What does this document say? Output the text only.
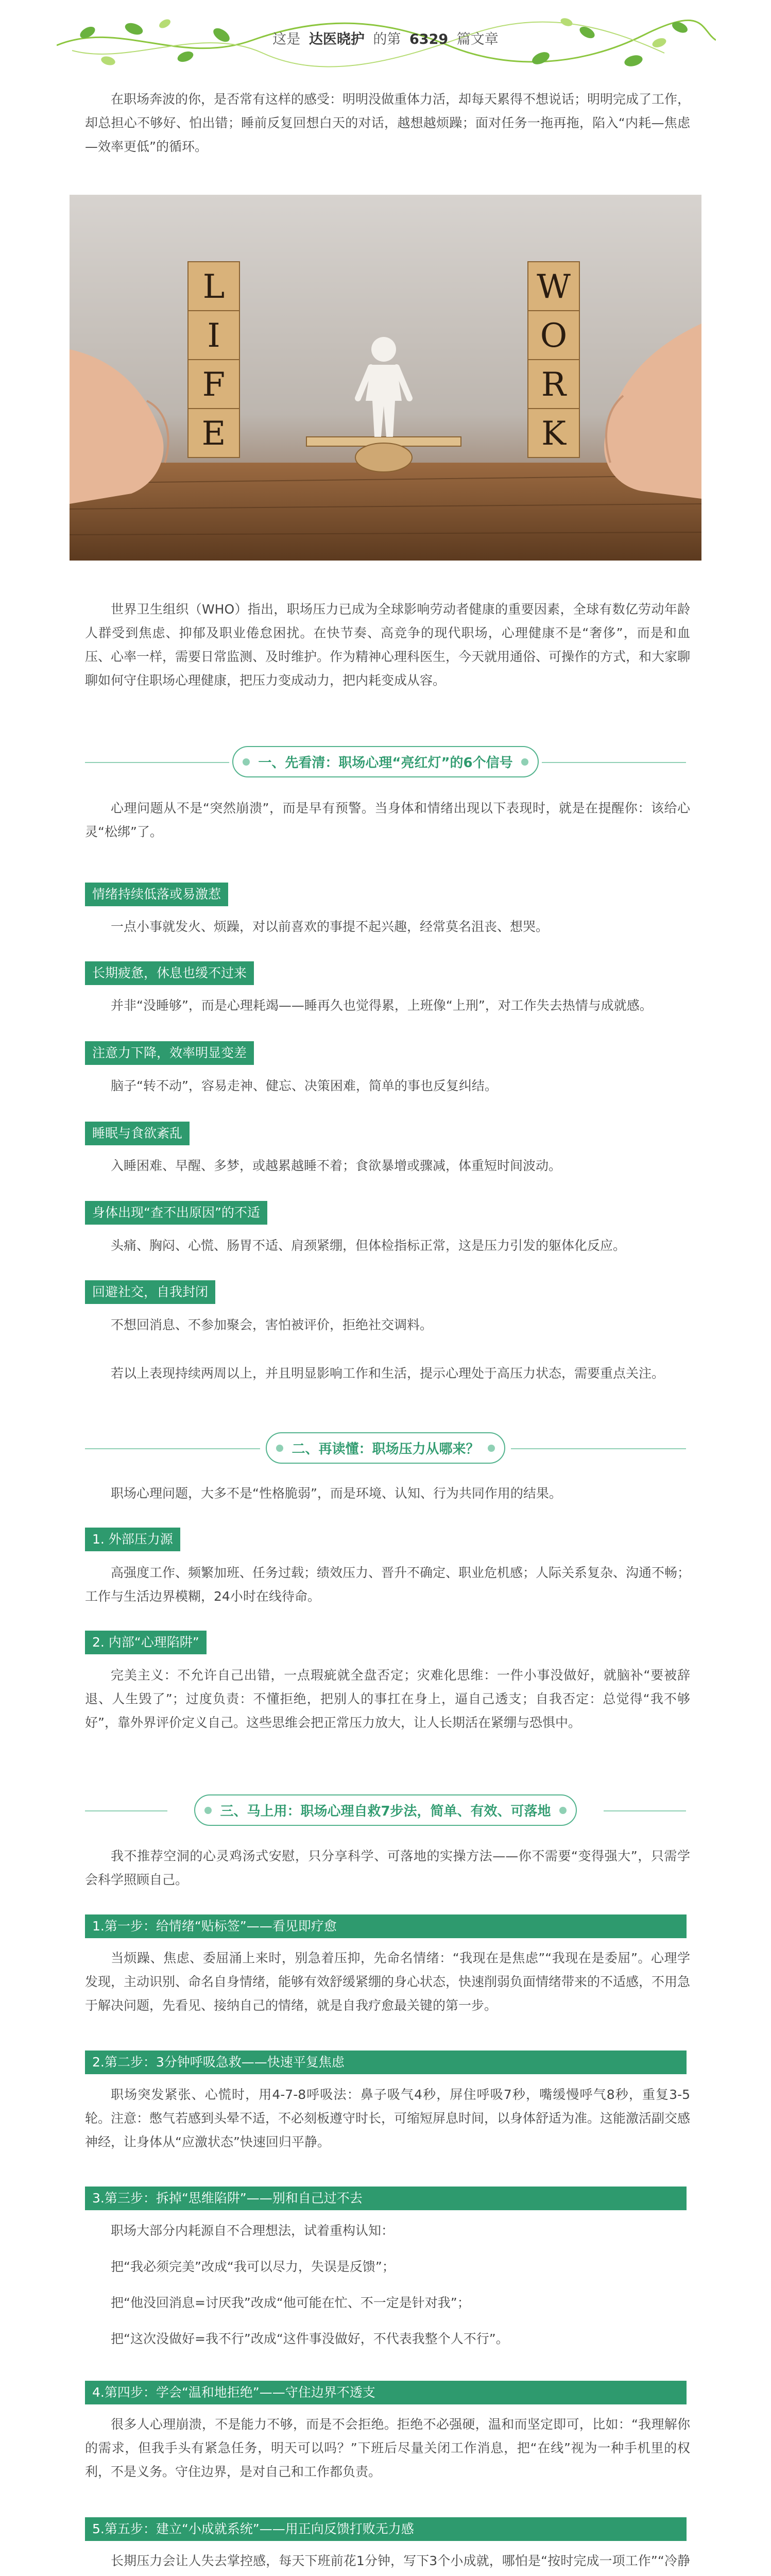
这是 达医晓护 的第 6329 篇文章

在职场奔波的你，是否常有这样的感受：明明没做重体力活，却每天累得不想说话；明明完成了工作，却总担心不够好、怕出错；睡前反复回想白天的对话，越想越烦躁；面对任务一拖再拖，陷入“内耗—焦虑—效率更低”的循环。

L
I
F
E
W
O
R
K

世界卫生组织（WHO）指出，职场压力已成为全球影响劳动者健康的重要因素，全球有数亿劳动年龄人群受到焦虑、抑郁及职业倦怠困扰。在快节奏、高竞争的现代职场，心理健康不是“奢侈”，而是和血压、心率一样，需要日常监测、及时维护。作为精神心理科医生，今天就用通俗、可操作的方式，和大家聊聊如何守住职场心理健康，把压力变成动力，把内耗变成从容。

一、先看清：职场心理“亮红灯”的6个信号

心理问题从不是“突然崩溃”，而是早有预警。当身体和情绪出现以下表现时，就是在提醒你：该给心灵“松绑”了。

情绪持续低落或易激惹

一点小事就发火、烦躁，对以前喜欢的事提不起兴趣，经常莫名沮丧、想哭。

长期疲惫，休息也缓不过来

并非“没睡够”，而是心理耗竭——睡再久也觉得累，上班像“上刑”，对工作失去热情与成就感。

注意力下降，效率明显变差

脑子“转不动”，容易走神、健忘、决策困难，简单的事也反复纠结。

睡眠与食欲紊乱

入睡困难、早醒、多梦，或越累越睡不着；食欲暴增或骤减，体重短时间波动。

身体出现“查不出原因”的不适

头痛、胸闷、心慌、肠胃不适、肩颈紧绷，但体检指标正常，这是压力引发的躯体化反应。

回避社交，自我封闭

不想回消息、不参加聚会，害怕被评价，拒绝社交调料。

若以上表现持续两周以上，并且明显影响工作和生活，提示心理处于高压力状态，需要重点关注。

二、再读懂：职场压力从哪来？

职场心理问题，大多不是“性格脆弱”，而是环境、认知、行为共同作用的结果。

1. 外部压力源

高强度工作、频繁加班、任务过载；绩效压力、晋升不确定、职业危机感；人际关系复杂、沟通不畅；工作与生活边界模糊，24小时在线待命。

2. 内部“心理陷阱”

完美主义：不允许自己出错，一点瑕疵就全盘否定；灾难化思维：一件小事没做好，就脑补“要被辞退、人生毁了”；过度负责：不懂拒绝，把别人的事扛在身上，逼自己透支；自我否定：总觉得“我不够好”，靠外界评价定义自己。这些思维会把正常压力放大，让人长期活在紧绷与恐惧中。

三、马上用：职场心理自救7步法，简单、有效、可落地

我不推荐空洞的心灵鸡汤式安慰，只分享科学、可落地的实操方法——你不需要“变得强大”，只需学会科学照顾自己。

1.第一步：给情绪“贴标签”——看见即疗愈

当烦躁、焦虑、委屈涌上来时，别急着压抑，先命名情绪：“我现在是焦虑”“我现在是委屈”。心理学发现，主动识别、命名自身情绪，能够有效舒缓紧绷的身心状态，快速削弱负面情绪带来的不适感，不用急于解决问题，先看见、接纳自己的情绪，就是自我疗愈最关键的第一步。

2.第二步：3分钟呼吸急救——快速平复焦虑

职场突发紧张、心慌时，用4-7-8呼吸法：鼻子吸气4秒，屏住呼吸7秒，嘴缓慢呼气8秒，重复3-5轮。注意：憋气若感到头晕不适，不必刻板遵守时长，可缩短屏息时间，以身体舒适为准。这能激活副交感神经，让身体从“应激状态”快速回归平静。

3.第三步：拆掉“思维陷阱”——别和自己过不去

职场大部分内耗源自不合理想法，试着重构认知：

把“我必须完美”改成“我可以尽力，失误是反馈”；

把“他没回消息=讨厌我”改成“他可能在忙、不一定是针对我”；

把“这次没做好=我不行”改成“这件事没做好，不代表我整个人不行”。

4.第四步：学会“温和地拒绝”——守住边界不透支

很多人心理崩溃，不是能力不够，而是不会拒绝。拒绝不必强硬，温和而坚定即可，比如：“我理解你的需求，但我手头有紧急任务，明天可以吗？”下班后尽量关闭工作消息，把“在线”视为一种手机里的权利，不是义务。守住边界，是对自己和工作都负责。

5.第五步：建立“小成就系统”——用正向反馈打败无力感

长期压力会让人失去掌控感，每天下班前花1分钟，写下3个小成就，哪怕是“按时完成一项工作”“冷静
